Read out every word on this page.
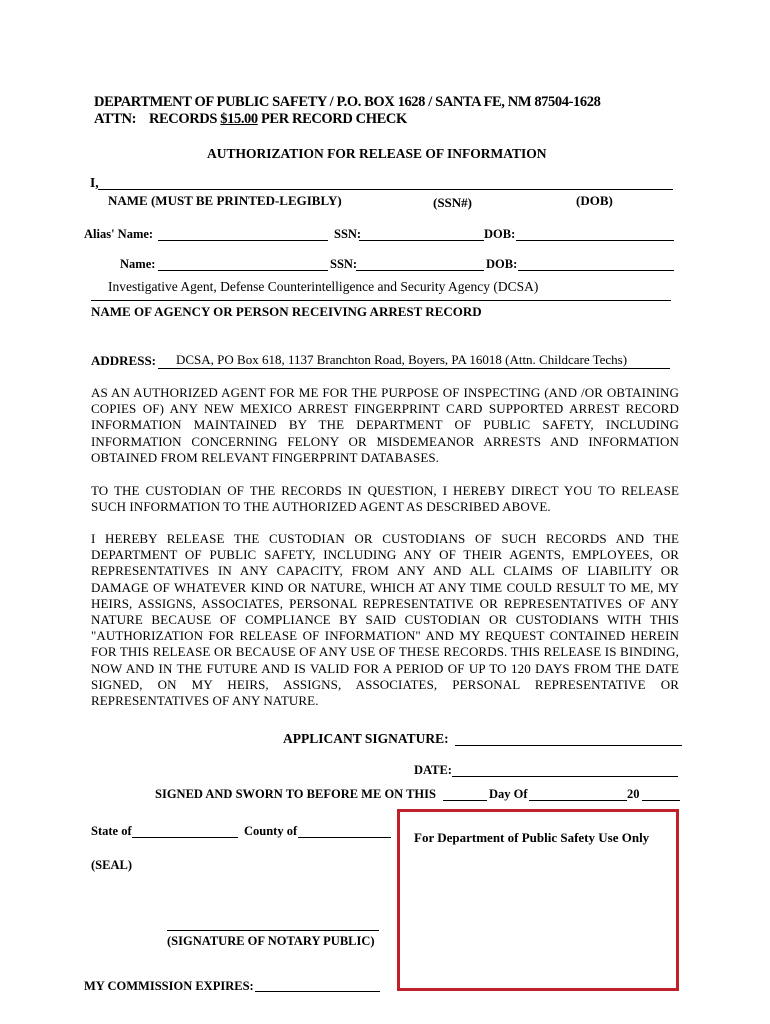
DEPARTMENT OF PUBLIC SAFETY / P.O. BOX 1628 / SANTA FE, NM 87504-1628
ATTN:    RECORDS $15.00 PER RECORD CHECK
AUTHORIZATION FOR RELEASE OF INFORMATION
I,
NAME (MUST BE PRINTED-LEGIBLY)	(SSN#)	(DOB)
Alias' Name:	SSN:	DOB:
Name:	SSN:	DOB:
Investigative Agent, Defense Counterintelligence and Security Agency (DCSA)
NAME OF AGENCY OR PERSON RECEIVING ARREST RECORD
ADDRESS: DCSA, PO Box 618, 1137 Branchton Road, Boyers, PA 16018 (Attn. Childcare Techs)
AS AN AUTHORIZED AGENT FOR ME FOR THE PURPOSE OF INSPECTING (AND /OR OBTAINING COPIES OF) ANY NEW MEXICO ARREST FINGERPRINT CARD SUPPORTED ARREST RECORD INFORMATION MAINTAINED BY THE DEPARTMENT OF PUBLIC SAFETY, INCLUDING INFORMATION CONCERNING FELONY OR MISDEMEANOR ARRESTS AND INFORMATION OBTAINED FROM RELEVANT FINGERPRINT DATABASES.
TO THE CUSTODIAN OF THE RECORDS IN QUESTION, I HEREBY DIRECT YOU TO RELEASE SUCH INFORMATION TO THE AUTHORIZED AGENT AS DESCRIBED ABOVE.
I HEREBY RELEASE THE CUSTODIAN OR CUSTODIANS OF SUCH RECORDS AND THE DEPARTMENT OF PUBLIC SAFETY, INCLUDING ANY OF THEIR AGENTS, EMPLOYEES, OR REPRESENTATIVES IN ANY CAPACITY, FROM ANY AND ALL CLAIMS OF LIABILITY OR DAMAGE OF WHATEVER KIND OR NATURE, WHICH AT ANY TIME COULD RESULT TO ME, MY HEIRS, ASSIGNS, ASSOCIATES, PERSONAL REPRESENTATIVE OR REPRESENTATIVES OF ANY NATURE BECAUSE OF COMPLIANCE BY SAID CUSTODIAN OR CUSTODIANS WITH THIS "AUTHORIZATION FOR RELEASE OF INFORMATION" AND MY REQUEST CONTAINED HEREIN FOR THIS RELEASE OR BECAUSE OF ANY USE OF THESE RECORDS. THIS RELEASE IS BINDING, NOW AND IN THE FUTURE AND IS VALID FOR A PERIOD OF UP TO 120 DAYS FROM THE DATE SIGNED, ON MY HEIRS, ASSIGNS, ASSOCIATES, PERSONAL REPRESENTATIVE OR REPRESENTATIVES OF ANY NATURE.
APPLICANT SIGNATURE:
DATE:
SIGNED AND SWORN TO BEFORE ME ON THIS	Day Of	20
State of	County of
(SEAL)
(SIGNATURE OF NOTARY PUBLIC)
MY COMMISSION EXPIRES:
For Department of Public Safety Use Only
